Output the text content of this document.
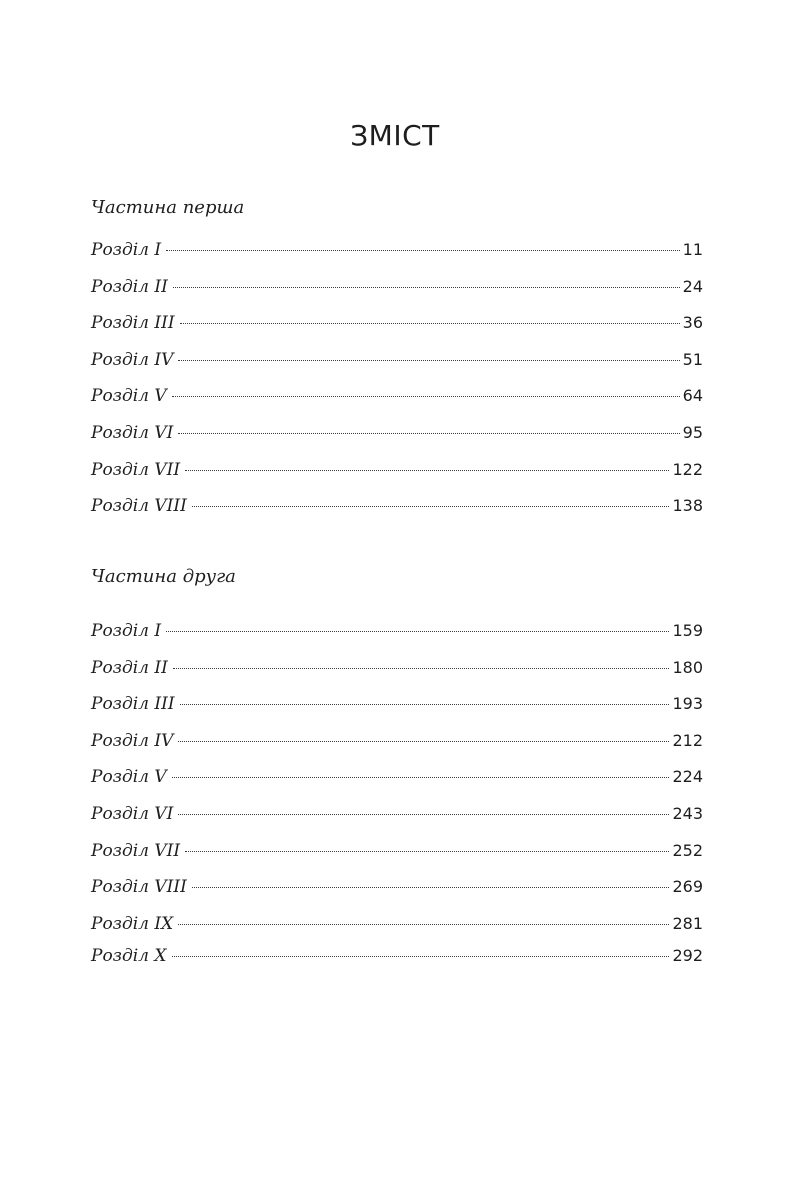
ЗМІСТ
Частина перша
Розділ I	11
Розділ II	24
Розділ III	36
Розділ IV	51
Розділ V	64
Розділ VI	95
Розділ VII	122
Розділ VIII	138
Частина друга
Розділ I	159
Розділ II	180
Розділ III	193
Розділ IV	212
Розділ V	224
Розділ VI	243
Розділ VII	252
Розділ VIII	269
Розділ IX	281
Розділ X	292
